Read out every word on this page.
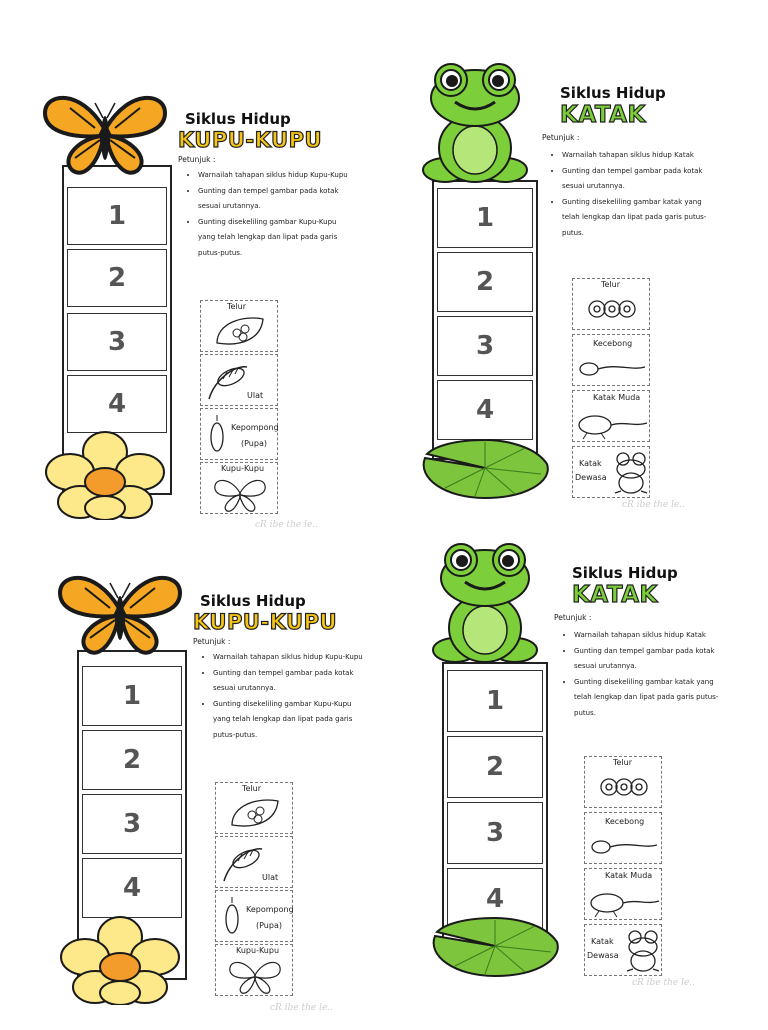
1
2
3
4
Siklus Hidup
KUPU-KUPU
Petunjuk :
• Warnailah tahapan siklus hidup Kupu-Kupu
• Gunting dan tempel gambar pada kotak sesuai urutannya.
• Gunting disekeliling gambar Kupu-Kupu yang telah lengkap dan lipat pada garis putus-putus.
Telur
Ulat
Kepompong
(Pupa)
Kupu-Kupu
cR ibe the le..
1
2
3
4
Siklus Hidup
KATAK
Petunjuk :
• Warnailah tahapan siklus hidup Katak
• Gunting dan tempel gambar pada kotak sesuai urutannya.
• Gunting disekeliling gambar katak yang telah lengkap dan lipat pada garis putus-putus.
Telur
Kecebong
Katak Muda
Katak
Dewasa
cR ibe the le..
1
2
3
4
Siklus Hidup
KUPU-KUPU
Petunjuk :
• Warnailah tahapan siklus hidup Kupu-Kupu
• Gunting dan tempel gambar pada kotak sesuai urutannya.
• Gunting disekeliling gambar Kupu-Kupu yang telah lengkap dan lipat pada garis putus-putus.
Telur
Ulat
Kepompong
(Pupa)
Kupu-Kupu
cR ibe the le..
1
2
3
4
Siklus Hidup
KATAK
Petunjuk :
• Warnailah tahapan siklus hidup Katak
• Gunting dan tempel gambar pada kotak sesuai urutannya.
• Gunting disekeliling gambar katak yang telah lengkap dan lipat pada garis putus-putus.
Telur
Kecebong
Katak Muda
Katak
Dewasa
cR ibe the le..
